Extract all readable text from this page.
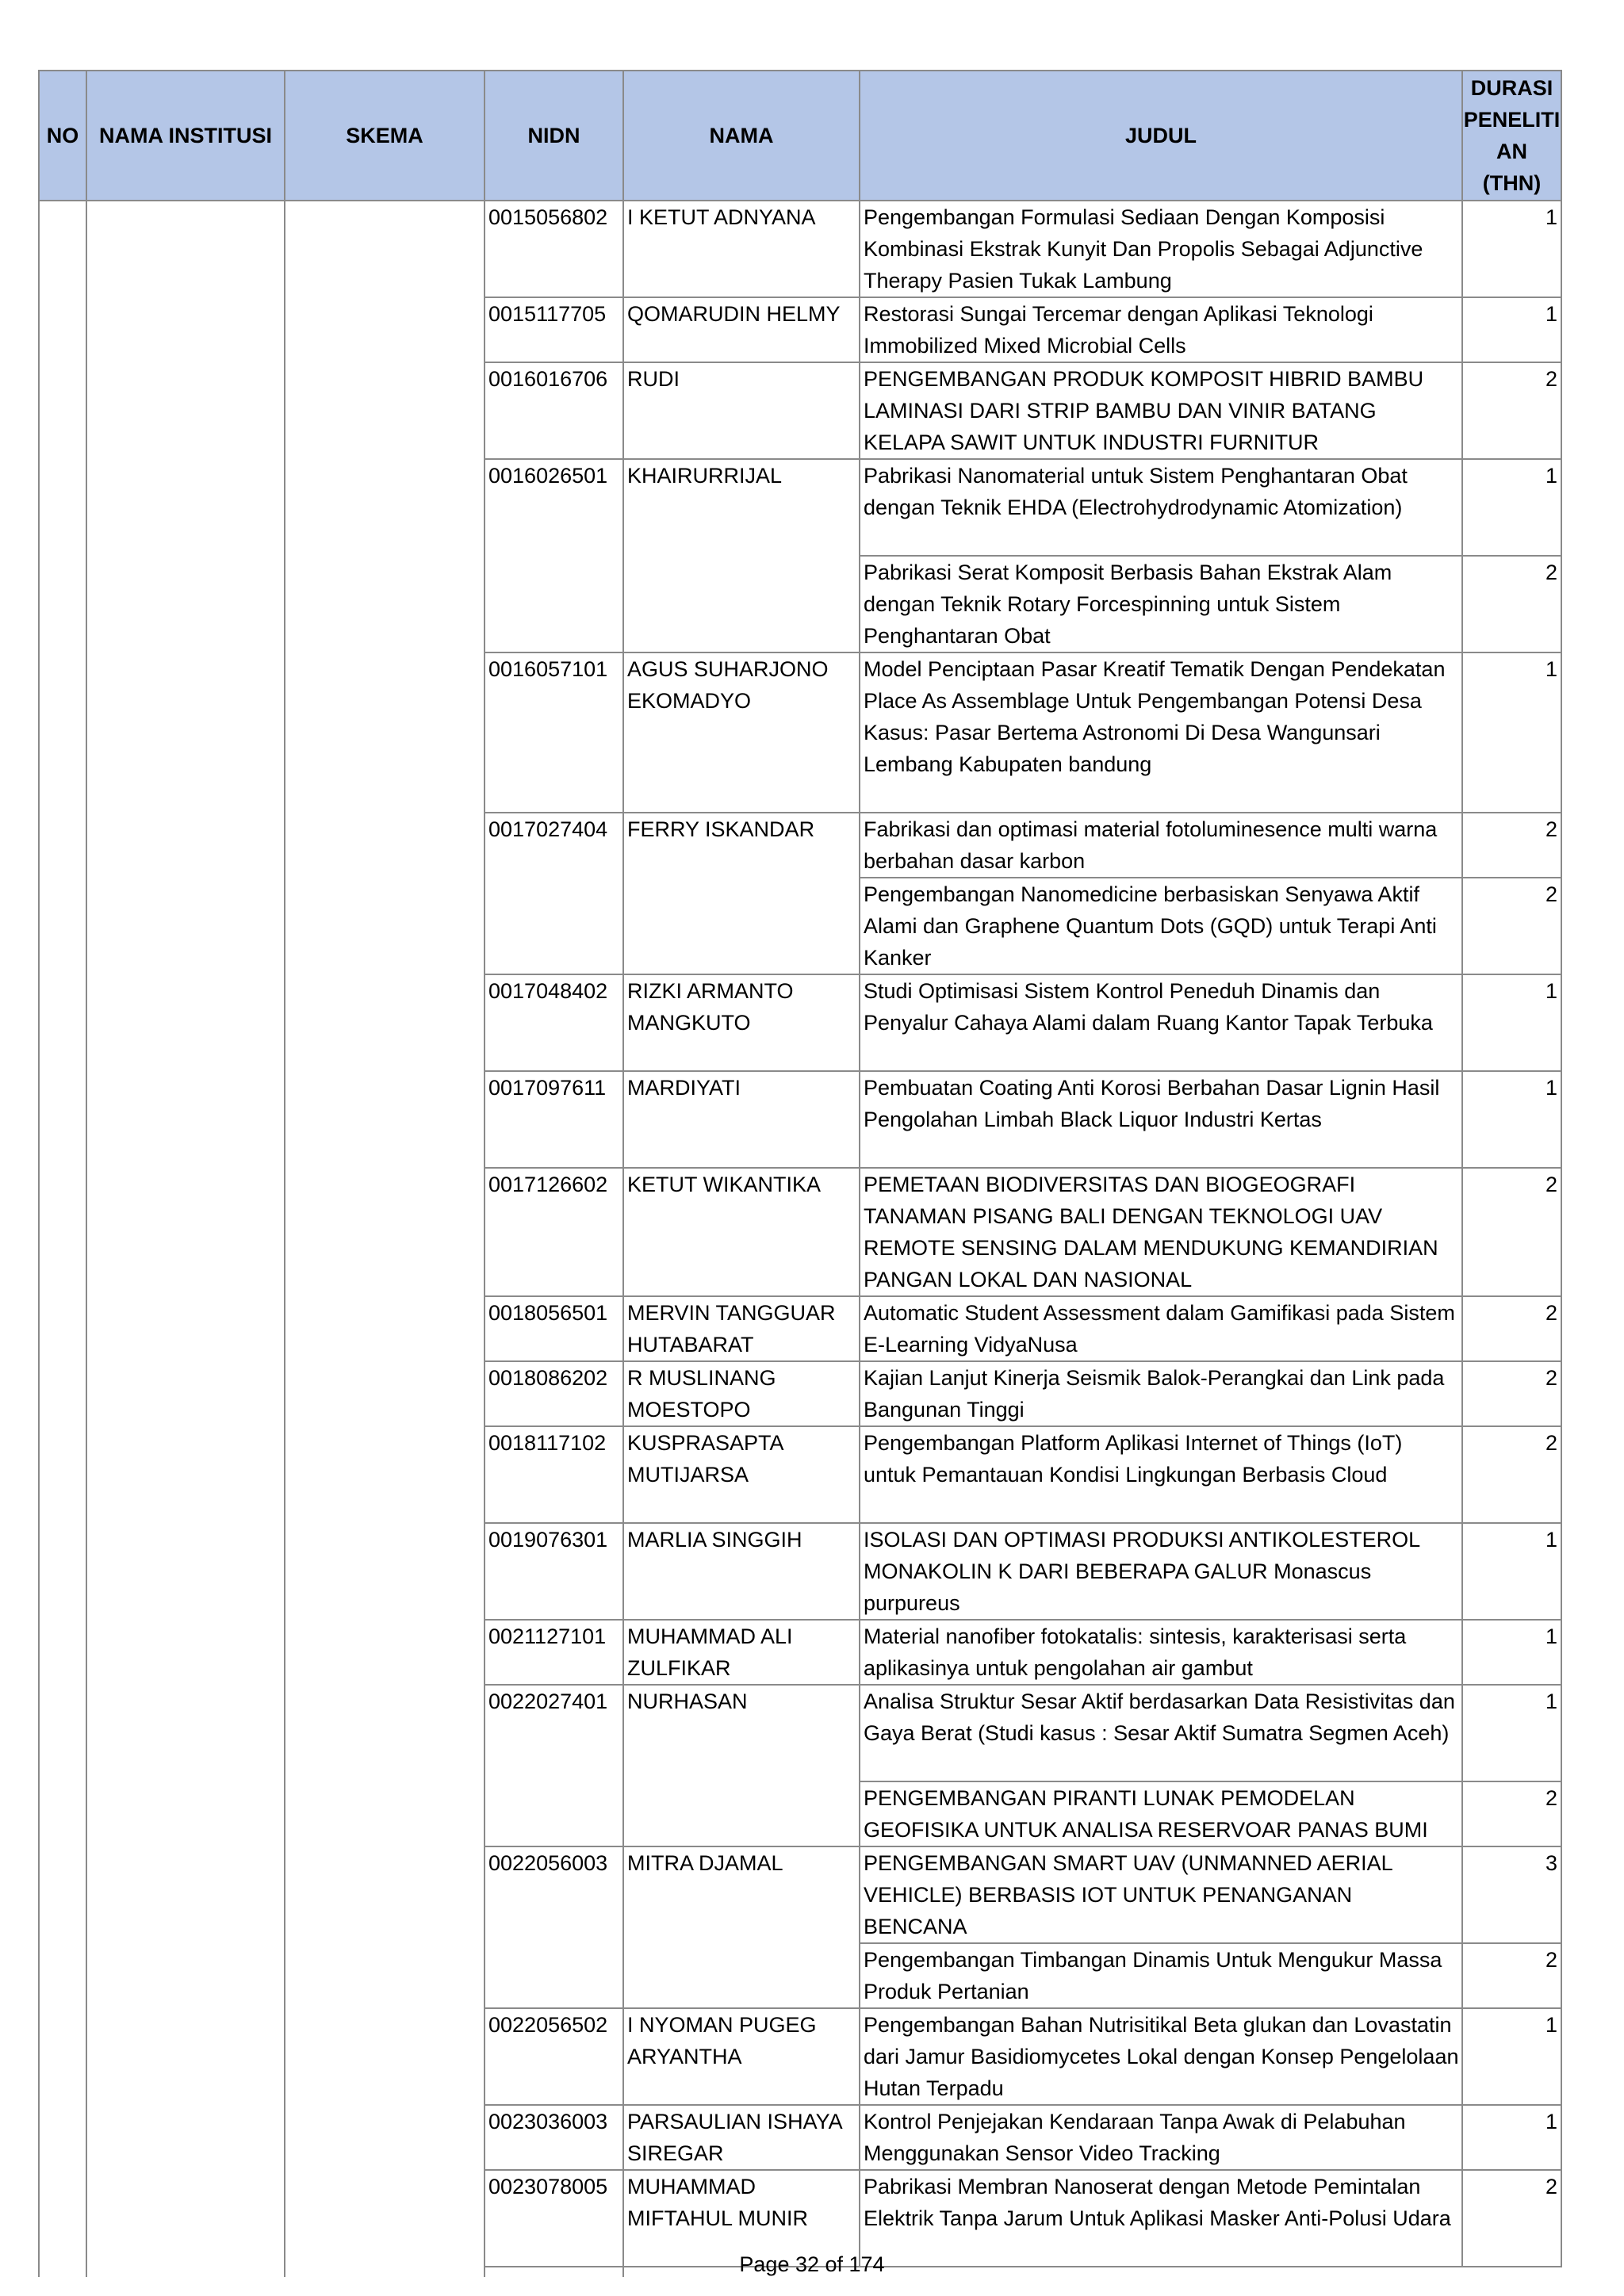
NO	NAMA INSTITUSI	SKEMA	NIDN	NAMA	JUDUL	DURASI
PENELITI
AN
(THN)

			0015056802	I KETUT ADNYANA	Pengembangan Formulasi Sediaan Dengan Komposisi Kombinasi Ekstrak Kunyit Dan Propolis Sebagai Adjunctive Therapy Pasien Tukak Lambung	1
			0015117705	QOMARUDIN HELMY	Restorasi Sungai Tercemar dengan Aplikasi Teknologi Immobilized Mixed Microbial Cells	1
			0016016706	RUDI	PENGEMBANGAN PRODUK KOMPOSIT HIBRID BAMBU LAMINASI DARI STRIP BAMBU DAN VINIR BATANG KELAPA SAWIT UNTUK INDUSTRI FURNITUR	2
			0016026501	KHAIRURRIJAL	Pabrikasi Nanomaterial untuk Sistem Penghantaran Obat dengan Teknik EHDA (Electrohydrodynamic Atomization)	1
					Pabrikasi Serat Komposit Berbasis Bahan Ekstrak Alam dengan Teknik Rotary Forcespinning untuk Sistem Penghantaran Obat	2
			0016057101	AGUS SUHARJONO EKOMADYO	Model Penciptaan Pasar Kreatif Tematik Dengan Pendekatan Place As Assemblage Untuk Pengembangan Potensi Desa Kasus: Pasar Bertema Astronomi Di Desa Wangunsari Lembang Kabupaten bandung	1
			0017027404	FERRY ISKANDAR	Fabrikasi dan optimasi material fotoluminesence multi warna berbahan dasar karbon	2
					Pengembangan Nanomedicine berbasiskan Senyawa Aktif Alami dan Graphene Quantum Dots (GQD) untuk Terapi Anti Kanker	2
			0017048402	RIZKI ARMANTO MANGKUTO	Studi Optimisasi Sistem Kontrol Peneduh Dinamis dan Penyalur Cahaya Alami dalam Ruang Kantor Tapak Terbuka	1
			0017097611	MARDIYATI	Pembuatan Coating Anti Korosi Berbahan Dasar Lignin Hasil Pengolahan Limbah Black Liquor Industri Kertas	1
			0017126602	KETUT WIKANTIKA	PEMETAAN BIODIVERSITAS DAN BIOGEOGRAFI TANAMAN PISANG BALI DENGAN TEKNOLOGI UAV REMOTE SENSING DALAM MENDUKUNG KEMANDIRIAN PANGAN LOKAL DAN NASIONAL	2
			0018056501	MERVIN TANGGUAR HUTABARAT	Automatic Student Assessment dalam Gamifikasi pada Sistem E-Learning VidyaNusa	2
			0018086202	R MUSLINANG MOESTOPO	Kajian Lanjut Kinerja Seismik Balok-Perangkai dan Link pada Bangunan Tinggi	2
			0018117102	KUSPRASAPTA MUTIJARSA	Pengembangan Platform Aplikasi Internet of Things (IoT) untuk Pemantauan Kondisi Lingkungan Berbasis Cloud	2
			0019076301	MARLIA SINGGIH	ISOLASI DAN OPTIMASI PRODUKSI ANTIKOLESTEROL MONAKOLIN K DARI BEBERAPA GALUR Monascus purpureus	1
			0021127101	MUHAMMAD ALI ZULFIKAR	Material nanofiber fotokatalis: sintesis, karakterisasi serta aplikasinya untuk pengolahan air gambut	1
			0022027401	NURHASAN	Analisa Struktur Sesar Aktif berdasarkan Data Resistivitas dan Gaya Berat (Studi kasus : Sesar Aktif Sumatra Segmen Aceh)	1
					PENGEMBANGAN PIRANTI LUNAK PEMODELAN GEOFISIKA UNTUK ANALISA RESERVOAR PANAS BUMI	2
			0022056003	MITRA DJAMAL	PENGEMBANGAN SMART UAV (UNMANNED AERIAL VEHICLE) BERBASIS IOT UNTUK PENANGANAN BENCANA	3
					Pengembangan Timbangan Dinamis Untuk Mengukur Massa Produk Pertanian	2
			0022056502	I NYOMAN PUGEG ARYANTHA	Pengembangan Bahan Nutrisitikal Beta glukan dan Lovastatin dari Jamur Basidiomycetes Lokal dengan Konsep Pengelolaan Hutan Terpadu	1
			0023036003	PARSAULIAN ISHAYA SIREGAR	Kontrol Penjejakan Kendaraan Tanpa Awak di Pelabuhan Menggunakan Sensor Video Tracking	1
			0023078005	MUHAMMAD MIFTAHUL MUNIR	Pabrikasi Membran Nanoserat dengan Metode Pemintalan Elektrik Tanpa Jarum Untuk Aplikasi Masker Anti-Polusi Udara	2

Page 32 of 174
